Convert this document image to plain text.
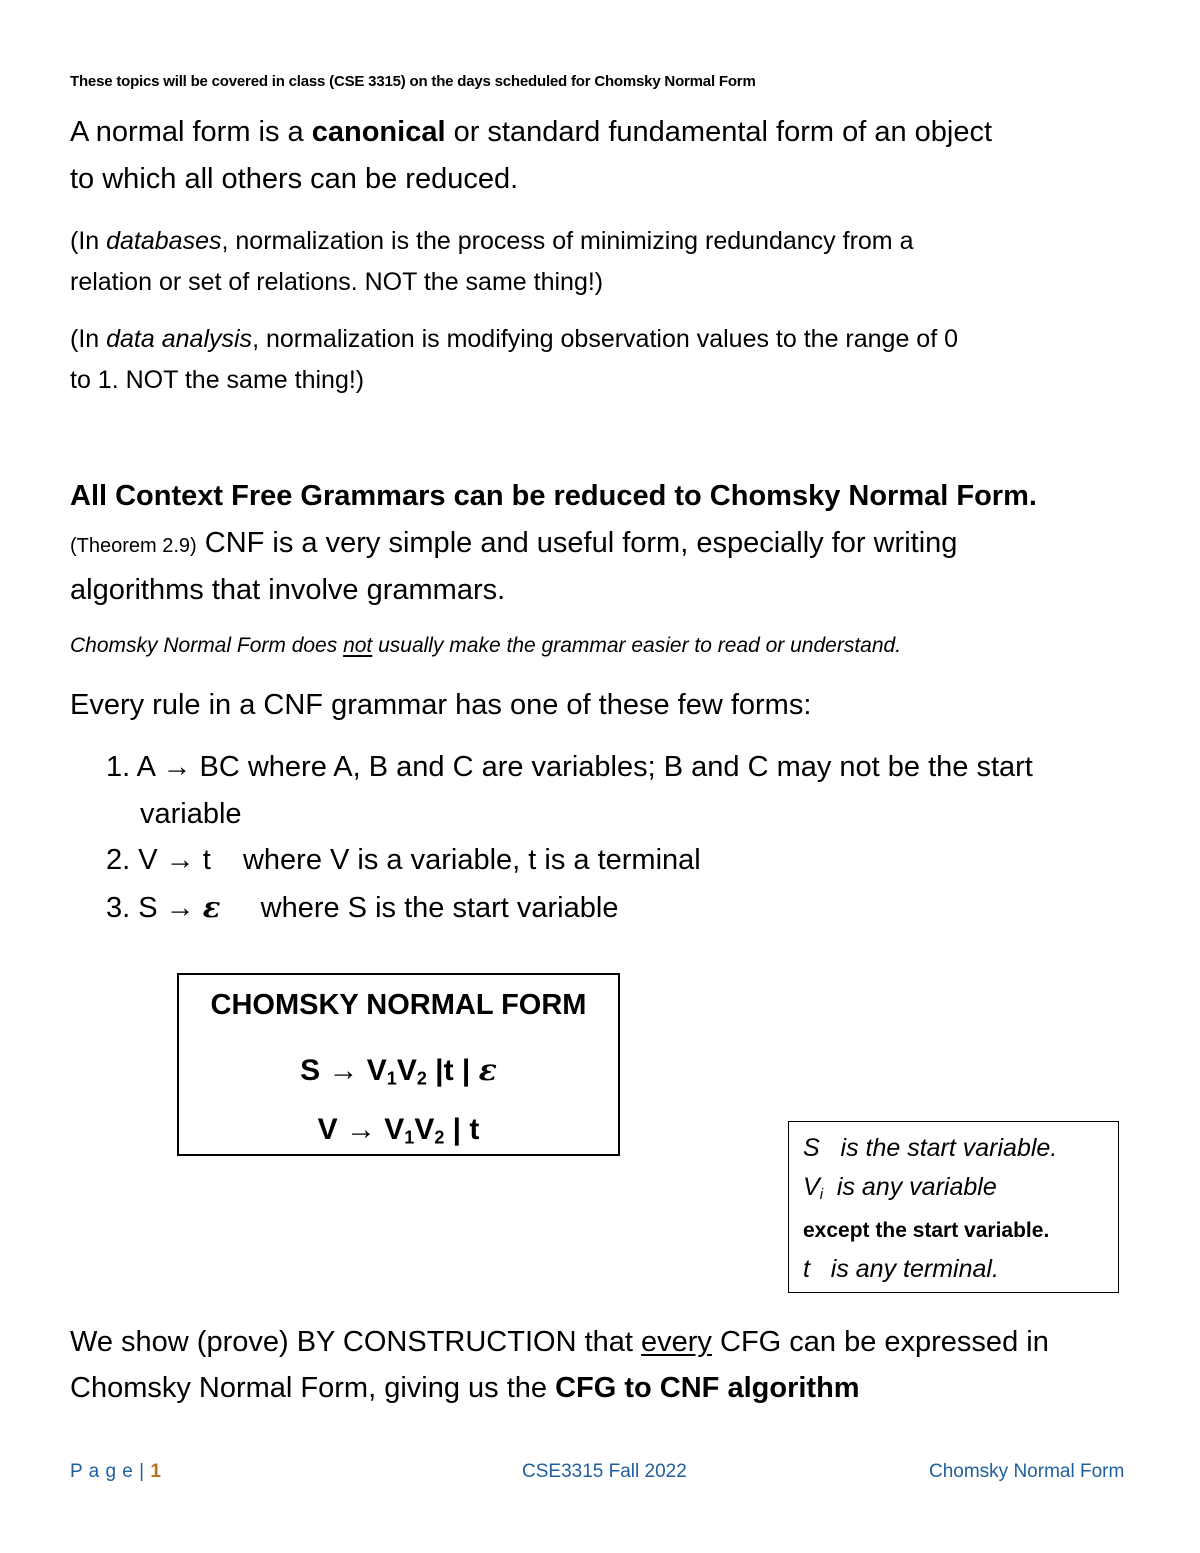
These topics will be covered in class (CSE 3315) on the days scheduled for Chomsky Normal Form
A normal form is a canonical or standard fundamental form of an object
to which all others can be reduced.
(In databases, normalization is the process of minimizing redundancy from a
relation or set of relations. NOT the same thing!)
(In data analysis, normalization is modifying observation values to the range of 0
to 1. NOT the same thing!)
All Context Free Grammars can be reduced to Chomsky Normal Form.
(Theorem 2.9) CNF is a very simple and useful form, especially for writing
algorithms that involve grammars.
Chomsky Normal Form does not usually make the grammar easier to read or understand.
Every rule in a CNF grammar has one of these few forms:
1. A → BC where A, B and C are variables; B and C may not be the start
variable
2. V → t    where V is a variable, t is a terminal
3. S → ε     where S is the start variable
CHOMSKY NORMAL FORM
$S \to V_1V_2$ |t | ε
$V \to V_1V_2$ | t
S   is the start variable.
$V_i$  is any variable
except the start variable.
t   is any terminal.
We show (prove) BY CONSTRUCTION that every CFG can be expressed in
Chomsky Normal Form, giving us the CFG to CNF algorithm
P a g e | 1	CSE3315 Fall 2022	Chomsky Normal Form
